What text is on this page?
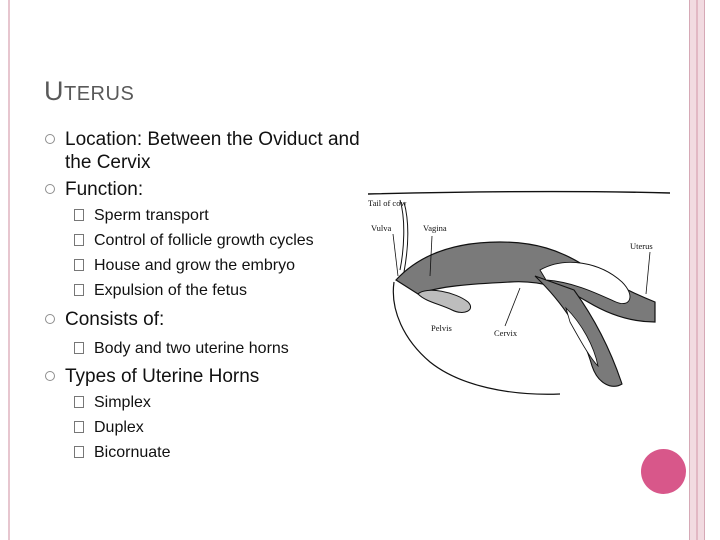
UTERUS
Location: Between the Oviduct and the Cervix
Function:
Sperm transport
Control of follicle growth cycles
House and grow the embryo
Expulsion of the fetus
Consists of:
Body and two uterine horns
Types of Uterine Horns
Simplex
Duplex
Bicornuate
Tail of cow
Vulva	Vagina
Uterus
Pelvis	Cervix
